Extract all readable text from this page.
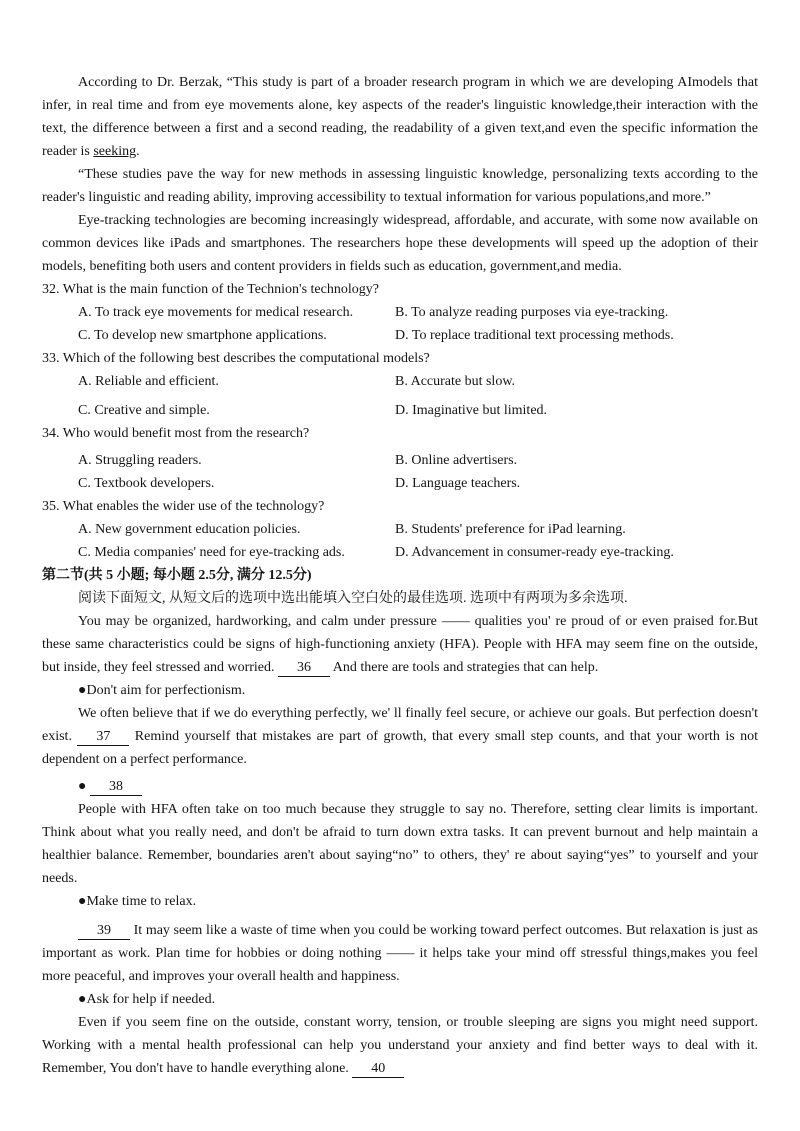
According to Dr. Berzak, “This study is part of a broader research program in which we are developing AImodels that infer, in real time and from eye movements alone, key aspects of the reader's linguistic knowledge,their interaction with the text, the difference between a first and a second reading, the readability of a given text,and even the specific information the reader is seeking.

“These studies pave the way for new methods in assessing linguistic knowledge, personalizing texts according to the reader's linguistic and reading ability, improving accessibility to textual information for various populations,and more.”

Eye-tracking technologies are becoming increasingly widespread, affordable, and accurate, with some now available on common devices like iPads and smartphones. The researchers hope these developments will speed up the adoption of their models, benefiting both users and content providers in fields such as education, government,and media.

32. What is the main function of the Technion's technology?

A. To track eye movements for medical research.	B. To analyze reading purposes via eye-tracking.
C. To develop new smartphone applications.	D. To replace traditional text processing methods.

33. Which of the following best describes the computational models?

A. Reliable and efficient.	B. Accurate but slow.
C. Creative and simple.	D. Imaginative but limited.

34. Who would benefit most from the research?

A. Struggling readers.	B. Online advertisers.
C. Textbook developers.	D. Language teachers.

35. What enables the wider use of the technology?

A. New government education policies.	B. Students' preference for iPad learning.
C. Media companies' need for eye-tracking ads.	D. Advancement in consumer-ready eye-tracking.

第二节(共 5 小题; 每小题 2.5分, 满分 12.5分)

阅读下面短文, 从短文后的选项中选出能填入空白处的最佳选项. 选项中有两项为多余选项.

You may be organized, hardworking, and calm under pressure —— qualities you' re proud of or even praised for.But these same characteristics could be signs of high-functioning anxiety (HFA). People with HFA may seem fine on the outside, but inside, they feel stressed and worried. 36 And there are tools and strategies that can help.

●Don't aim for perfectionism.

We often believe that if we do everything perfectly, we' ll finally feel secure, or achieve our goals. But perfection doesn't exist. 37 Remind yourself that mistakes are part of growth, that every small step counts, and that your worth is not dependent on a perfect performance.

● 38

People with HFA often take on too much because they struggle to say no. Therefore, setting clear limits is important. Think about what you really need, and don't be afraid to turn down extra tasks. It can prevent burnout and help maintain a healthier balance. Remember, boundaries aren't about saying“no” to others, they' re about saying“yes” to yourself and your needs.

●Make time to relax.

39 It may seem like a waste of time when you could be working toward perfect outcomes. But relaxation is just as important as work. Plan time for hobbies or doing nothing —— it helps take your mind off stressful things,makes you feel more peaceful, and improves your overall health and happiness.

●Ask for help if needed.

Even if you seem fine on the outside, constant worry, tension, or trouble sleeping are signs you might need support. Working with a mental health professional can help you understand your anxiety and find better ways to deal with it. Remember, You don't have to handle everything alone. 40
